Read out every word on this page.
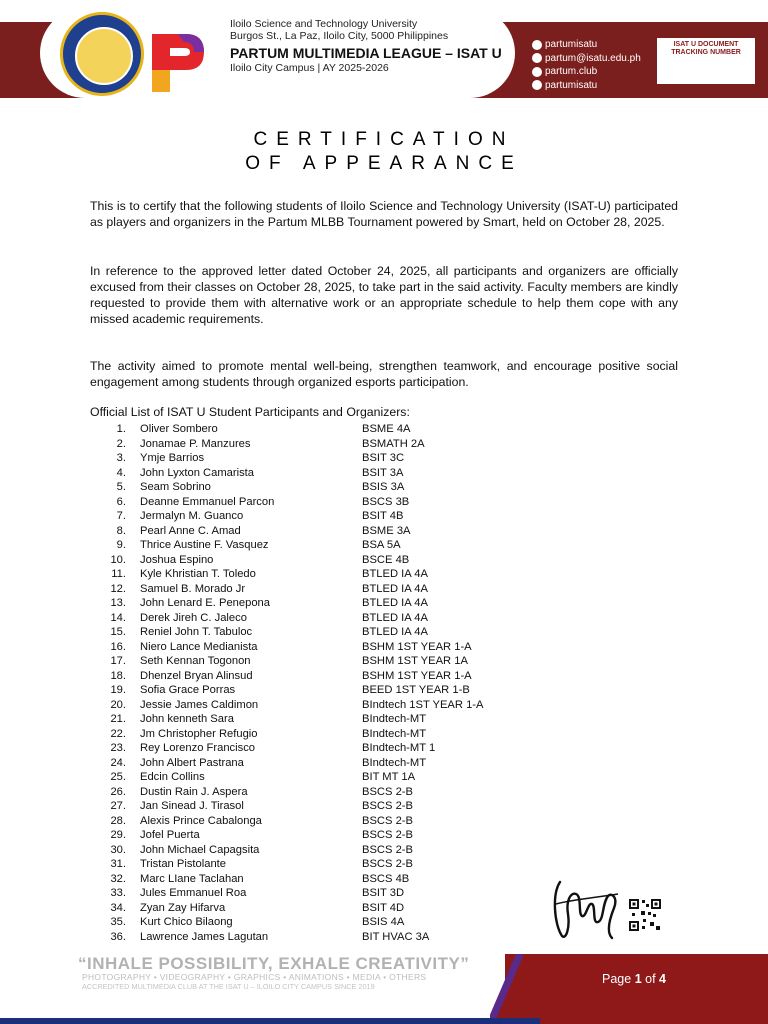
Iloilo Science and Technology University
Burgos St., La Paz, Iloilo City, 5000 Philippines
PARTUM MULTIMEDIA LEAGUE – ISAT U
Iloilo City Campus | AY 2025-2026
partumisatu
partum@isatu.edu.ph
partum.club
partumisatu
ISAT U DOCUMENT TRACKING NUMBER
CERTIFICATION
OF APPEARANCE
This is to certify that the following students of Iloilo Science and Technology University (ISAT-U) participated as players and organizers in the Partum MLBB Tournament powered by Smart, held on October 28, 2025.
In reference to the approved letter dated October 24, 2025, all participants and organizers are officially excused from their classes on October 28, 2025, to take part in the said activity. Faculty members are kindly requested to provide them with alternative work or an appropriate schedule to help them cope with any missed academic requirements.
The activity aimed to promote mental well-being, strengthen teamwork, and encourage positive social engagement among students through organized esports participation.
Official List of ISAT U Student Participants and Organizers:
1.	Oliver Sombero	BSME 4A
2.	Jonamae P. Manzures	BSMATH 2A
3.	Ymje Barrios	BSIT 3C
4.	John Lyxton Camarista	BSIT 3A
5.	Seam Sobrino	BSIS 3A
6.	Deanne Emmanuel Parcon	BSCS 3B
7.	Jermalyn M. Guanco	BSIT 4B
8.	Pearl Anne C. Amad	BSME 3A
9.	Thrice Austine F. Vasquez	BSA 5A
10.	Joshua Espino	BSCE 4B
11.	Kyle Khristian T. Toledo	BTLED IA 4A
12.	Samuel B. Morado Jr	BTLED IA 4A
13.	John Lenard E. Penepona	BTLED IA 4A
14.	Derek Jireh C. Jaleco	BTLED IA 4A
15.	Reniel John T. Tabuloc	BTLED IA 4A
16.	Niero Lance Medianista	BSHM 1ST YEAR 1-A
17.	Seth Kennan Togonon	BSHM 1ST YEAR 1A
18.	Dhenzel Bryan Alinsud	BSHM 1ST YEAR 1-A
19.	Sofia Grace Porras	BEED 1ST YEAR 1-B
20.	Jessie James Caldimon	BIndtech 1ST YEAR 1-A
21.	John kenneth Sara	BIndtech-MT
22.	Jm Christopher Refugio	BIndtech-MT
23.	Rey Lorenzo Francisco	BIndtech-MT 1
24.	John Albert Pastrana	BIndtech-MT
25.	Edcin Collins	BIT MT 1A
26.	Dustin Rain J. Aspera	BSCS 2-B
27.	Jan Sinead J. Tirasol	BSCS 2-B
28.	Alexis Prince Cabalonga	BSCS 2-B
29.	Jofel Puerta	BSCS 2-B
30.	John Michael Capagsita	BSCS 2-B
31.	Tristan Pistolante	BSCS 2-B
32.	Marc LIane Taclahan	BSCS 4B
33.	Jules Emmanuel Roa	BSIT 3D
34.	Zyan Zay Hifarva	BSIT 4D
35.	Kurt Chico Bilaong	BSIS 4A
36.	Lawrence James Lagutan	BIT HVAC 3A
“INHALE POSSIBILITY, EXHALE CREATIVITY”
PHOTOGRAPHY • VIDEOGRAPHY • GRAPHICS • ANIMATIONS • MEDIA • OTHERS
ACCREDITED MULTIMEDIA CLUB AT THE ISAT U – ILOILO CITY CAMPUS SINCE 2019
Page 1 of 4
